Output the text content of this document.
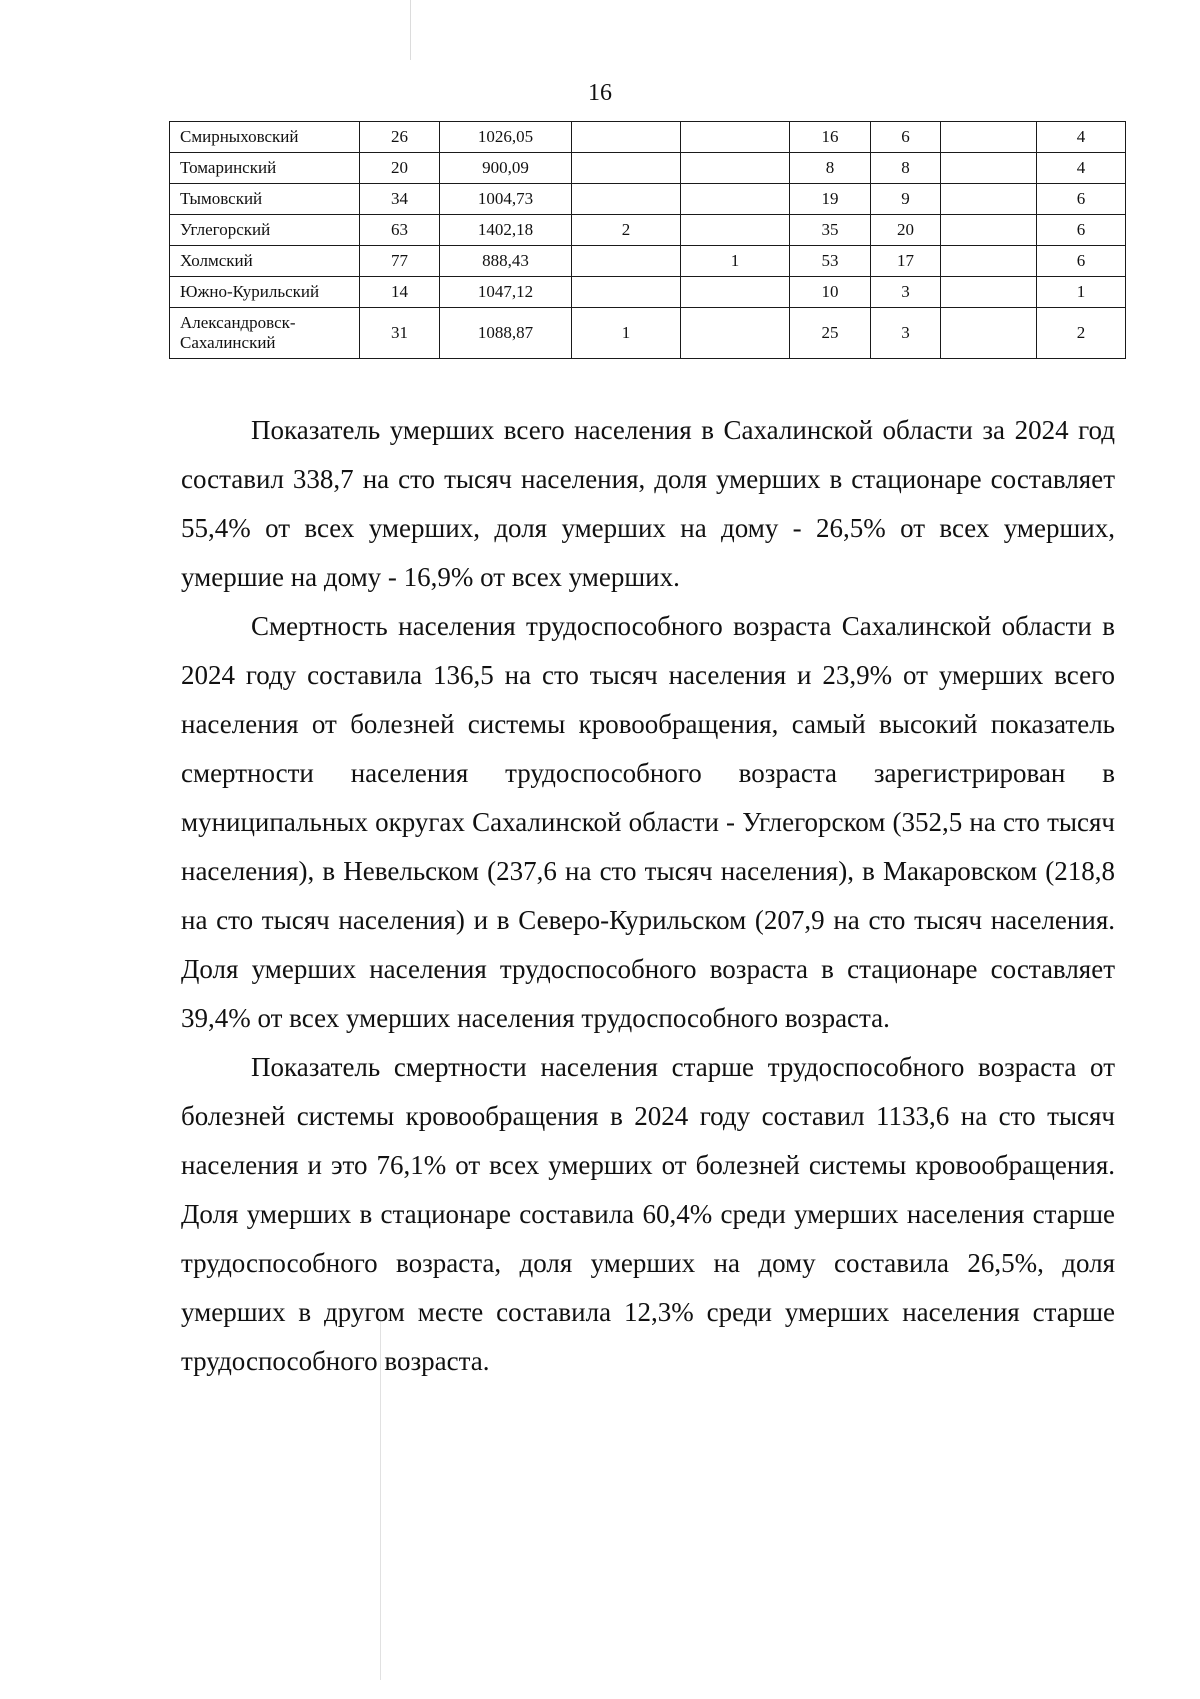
16
Смирныховский	26	1026,05			16	6		4
Томаринский	20	900,09			8	8		4
Тымовский	34	1004,73			19	9		6
Углегорский	63	1402,18	2		35	20		6
Холмский	77	888,43		1	53	17		6
Южно-Курильский	14	1047,12			10	3		1
Александровск-Сахалинский	31	1088,87	1		25	3		2

Показатель умерших всего населения в Сахалинской области за 2024 год составил 338,7 на сто тысяч населения, доля умерших в стационаре составляет 55,4% от всех умерших, доля умерших на дому - 26,5% от всех умерших, умершие на дому - 16,9% от всех умерших.

Смертность населения трудоспособного возраста Сахалинской области в 2024 году составила 136,5 на сто тысяч населения и 23,9% от умерших всего населения от болезней системы кровообращения, самый высокий показатель смертности населения трудоспособного возраста зарегистрирован в муниципальных округах Сахалинской области - Углегорском (352,5 на сто тысяч населения), в Невельском (237,6 на сто тысяч населения), в Макаровском (218,8 на сто тысяч населения) и в Северо-Курильском (207,9 на сто тысяч населения. Доля умерших населения трудоспособного возраста в стационаре составляет 39,4% от всех умерших населения трудоспособного возраста.

Показатель смертности населения старше трудоспособного возраста от болезней системы кровообращения в 2024 году составил 1133,6 на сто тысяч населения и это 76,1% от всех умерших от болезней системы кровообращения. Доля умерших в стационаре составила 60,4% среди умерших населения старше трудоспособного возраста, доля умерших на дому составила 26,5%, доля умерших в другом месте составила 12,3% среди умерших населения старше трудоспособного возраста.
